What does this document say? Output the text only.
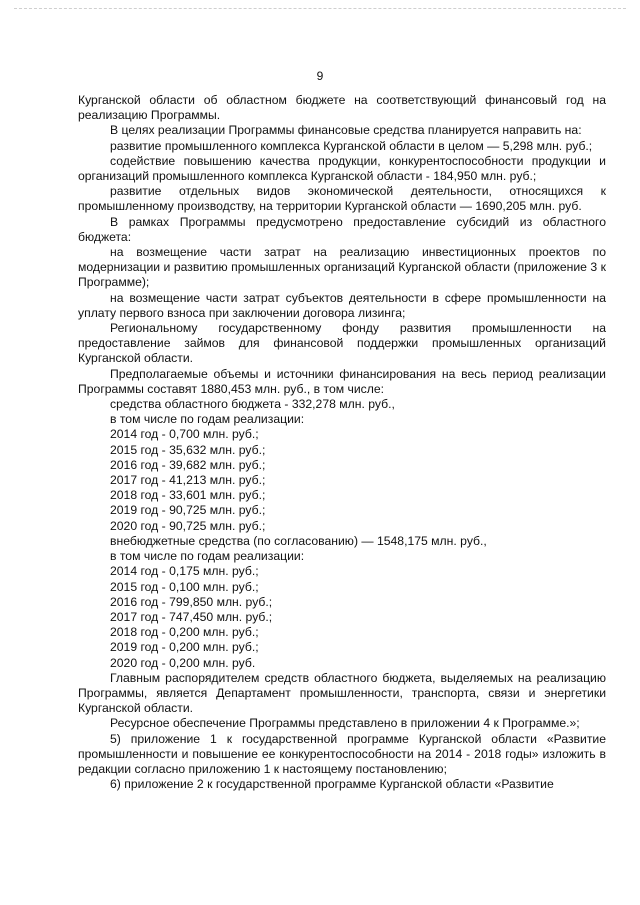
9

Курганской области об областном бюджете на соответствующий финансовый год на реализацию Программы.

В целях реализации Программы финансовые средства планируется направить на:

развитие промышленного комплекса Курганской области в целом — 5,298 млн. руб.;

содействие повышению качества продукции, конкурентоспособности продукции и организаций промышленного комплекса Курганской области - 184,950 млн. руб.;

развитие отдельных видов экономической деятельности, относящихся к промышленному производству, на территории Курганской области — 1690,205 млн. руб.

В рамках Программы предусмотрено предоставление субсидий из областного бюджета:

на возмещение части затрат на реализацию инвестиционных проектов по модернизации и развитию промышленных организаций Курганской области (приложение 3 к Программе);

на возмещение части затрат субъектов деятельности в сфере промышленности на уплату первого взноса при заключении договора лизинга;

Региональному государственному фонду развития промышленности на предоставление займов для финансовой поддержки промышленных организаций Курганской области.

Предполагаемые объемы и источники финансирования на весь период реализации Программы составят 1880,453 млн. руб., в том числе:

средства областного бюджета - 332,278 млн. руб.,
в том числе по годам реализации:
2014 год - 0,700 млн. руб.;
2015 год - 35,632 млн. руб.;
2016 год - 39,682 млн. руб.;
2017 год - 41,213 млн. руб.;
2018 год - 33,601 млн. руб.;
2019 год - 90,725 млн. руб.;
2020 год - 90,725 млн. руб.;
внебюджетные средства (по согласованию) — 1548,175 млн. руб.,
в том числе по годам реализации:
2014 год - 0,175 млн. руб.;
2015 год - 0,100 млн. руб.;
2016 год - 799,850 млн. руб.;
2017 год - 747,450 млн. руб.;
2018 год - 0,200 млн. руб.;
2019 год - 0,200 млн. руб.;
2020 год - 0,200 млн. руб.

Главным распорядителем средств областного бюджета, выделяемых на реализацию Программы, является Департамент промышленности, транспорта, связи и энергетики Курганской области.

Ресурсное обеспечение Программы представлено в приложении 4 к Программе.»;

5) приложение 1 к государственной программе Курганской области «Развитие промышленности и повышение ее конкурентоспособности на 2014 - 2018 годы» изложить в редакции согласно приложению 1 к настоящему постановлению;

6) приложение 2 к государственной программе Курганской области «Развитие
